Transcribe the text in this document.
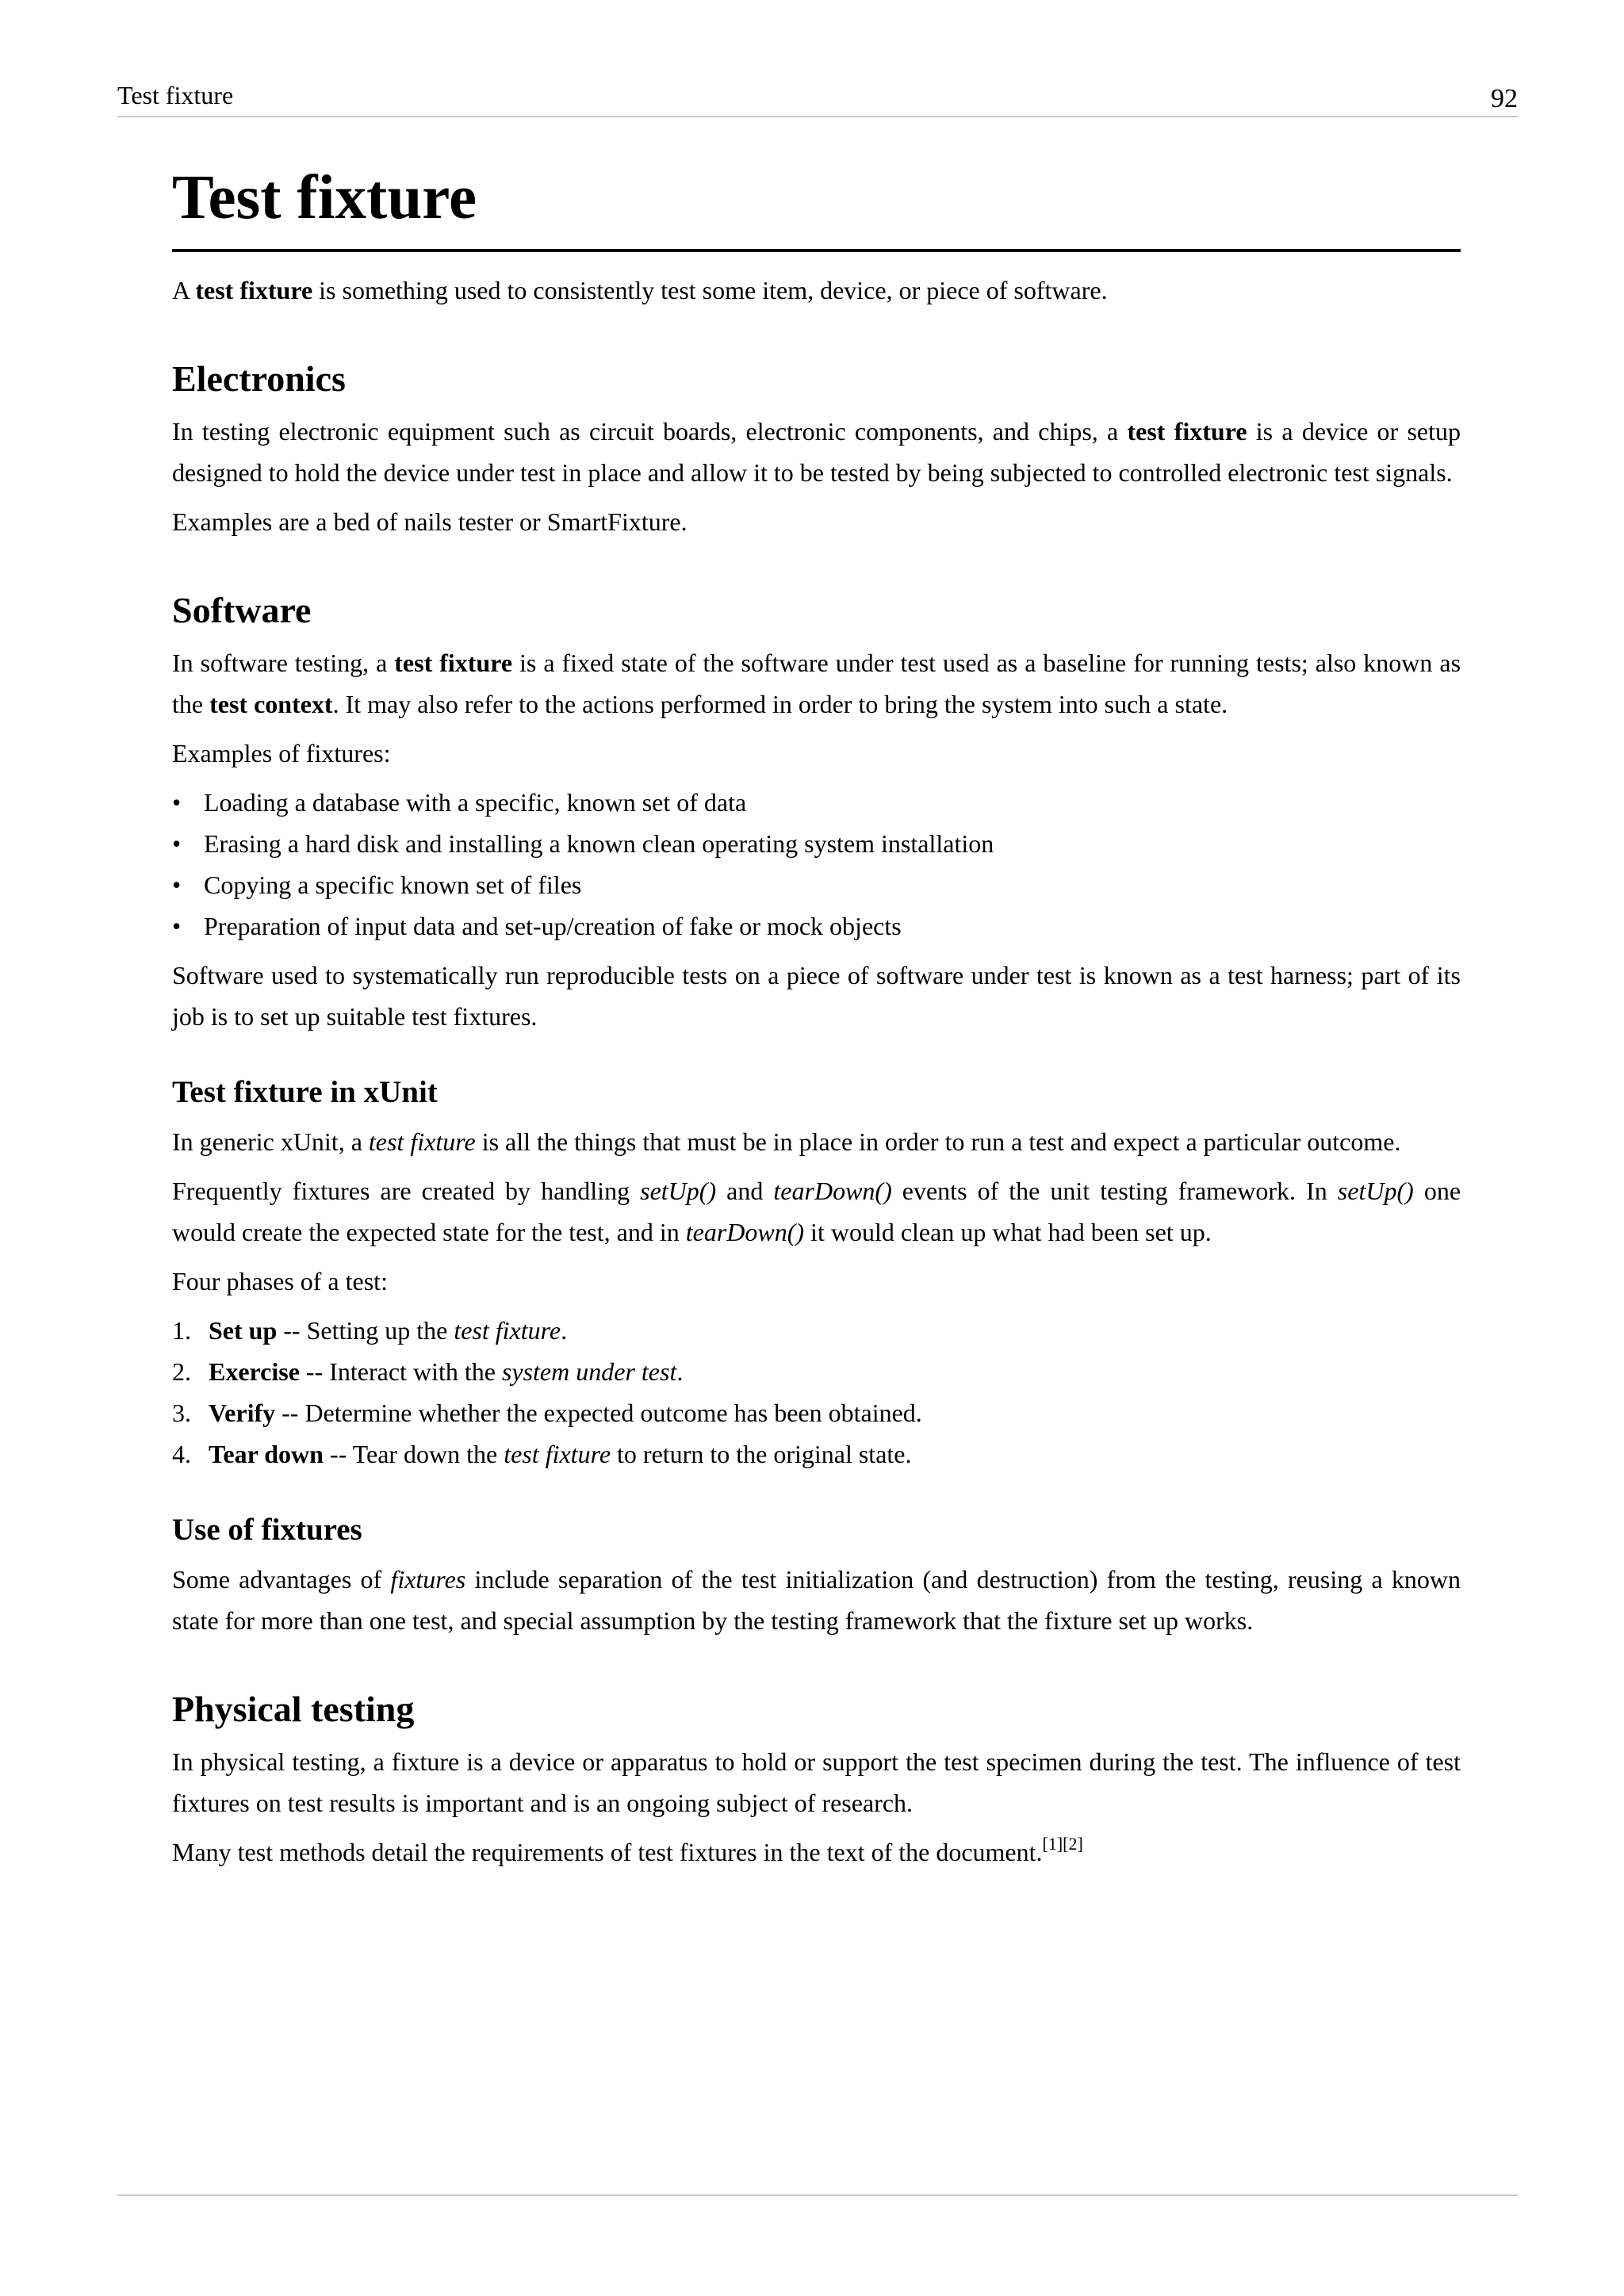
Test fixture	92
Test fixture

A test fixture is something used to consistently test some item, device, or piece of software.

Electronics

In testing electronic equipment such as circuit boards, electronic components, and chips, a test fixture is a device or setup designed to hold the device under test in place and allow it to be tested by being subjected to controlled electronic test signals.

Examples are a bed of nails tester or SmartFixture.

Software

In software testing, a test fixture is a fixed state of the software under test used as a baseline for running tests; also known as the test context. It may also refer to the actions performed in order to bring the system into such a state.

Examples of fixtures:

• Loading a database with a specific, known set of data
• Erasing a hard disk and installing a known clean operating system installation
• Copying a specific known set of files
• Preparation of input data and set-up/creation of fake or mock objects

Software used to systematically run reproducible tests on a piece of software under test is known as a test harness; part of its job is to set up suitable test fixtures.

Test fixture in xUnit

In generic xUnit, a test fixture is all the things that must be in place in order to run a test and expect a particular outcome.

Frequently fixtures are created by handling setUp() and tearDown() events of the unit testing framework. In setUp() one would create the expected state for the test, and in tearDown() it would clean up what had been set up.

Four phases of a test:

1. Set up -- Setting up the test fixture.
2. Exercise -- Interact with the system under test.
3. Verify -- Determine whether the expected outcome has been obtained.
4. Tear down -- Tear down the test fixture to return to the original state.
Use of fixtures

Some advantages of fixtures include separation of the test initialization (and destruction) from the testing, reusing a known state for more than one test, and special assumption by the testing framework that the fixture set up works.

Physical testing

In physical testing, a fixture is a device or apparatus to hold or support the test specimen during the test. The influence of test fixtures on test results is important and is an ongoing subject of research.

Many test methods detail the requirements of test fixtures in the text of the document.[1][2]
